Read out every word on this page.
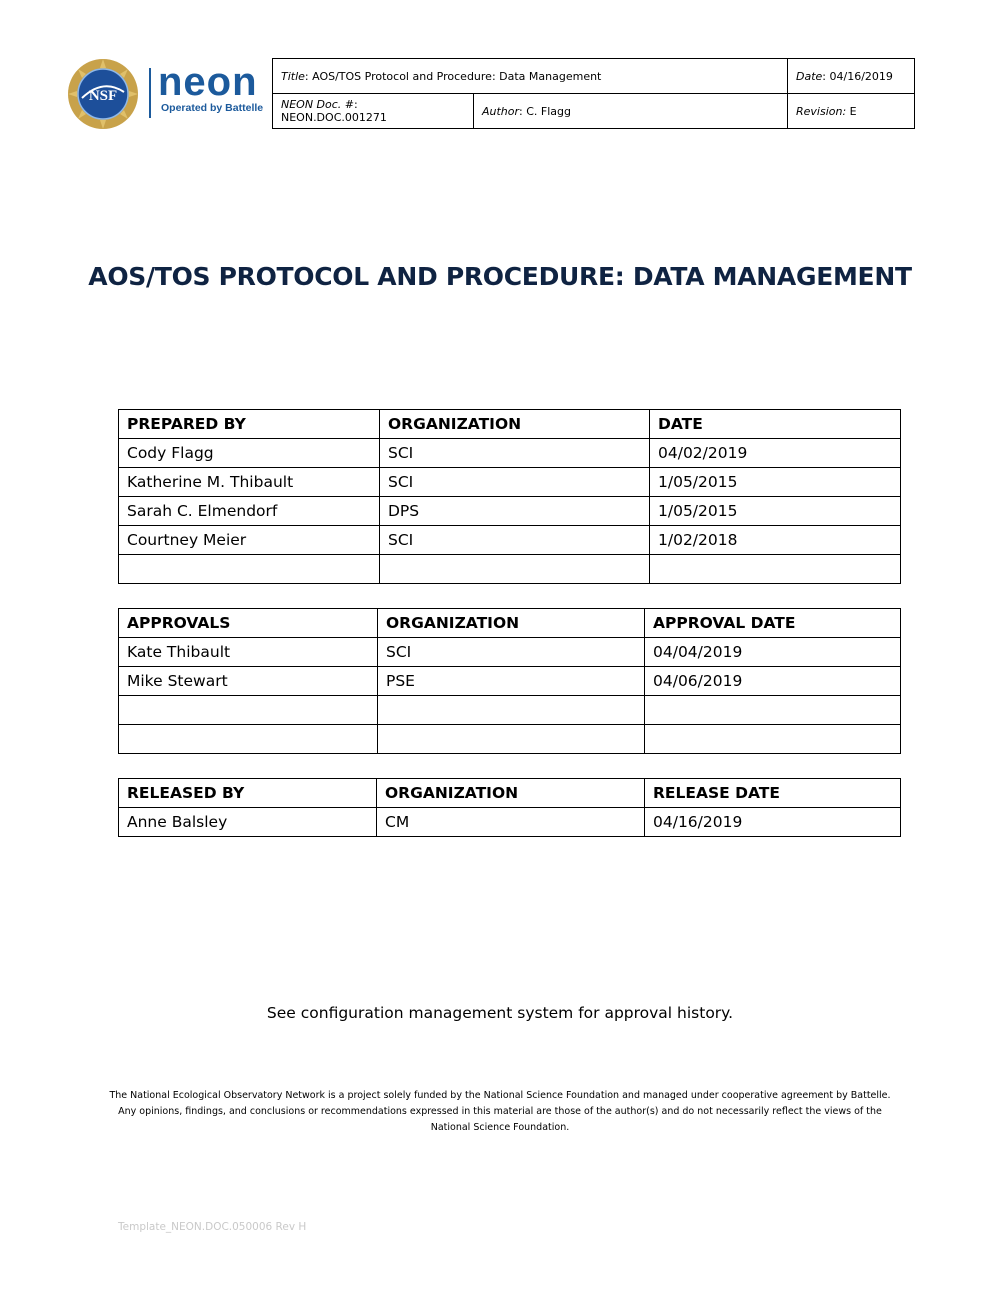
NSF neon
Operated by Battelle
Title: AOS/TOS Protocol and Procedure: Data Management		Date: 04/16/2019
NEON Doc. #: NEON.DOC.001271	Author: C. Flagg	Revision: E
AOS/TOS PROTOCOL AND PROCEDURE: DATA MANAGEMENT
PREPARED BY	ORGANIZATION	DATE
Cody Flagg	SCI	04/02/2019
Katherine M. Thibault	SCI	1/05/2015
Sarah C. Elmendorf	DPS	1/05/2015
Courtney Meier	SCI	1/02/2018

APPROVALS	ORGANIZATION	APPROVAL DATE
Kate Thibault	SCI	04/04/2019
Mike Stewart	PSE	04/06/2019

RELEASED BY	ORGANIZATION	RELEASE DATE
Anne Balsley	CM	04/16/2019
See configuration management system for approval history.
The National Ecological Observatory Network is a project solely funded by the National Science Foundation and managed under cooperative agreement by Battelle.
Any opinions, findings, and conclusions or recommendations expressed in this material are those of the author(s) and do not necessarily reflect the views of the
National Science Foundation.
Template_NEON.DOC.050006 Rev H
